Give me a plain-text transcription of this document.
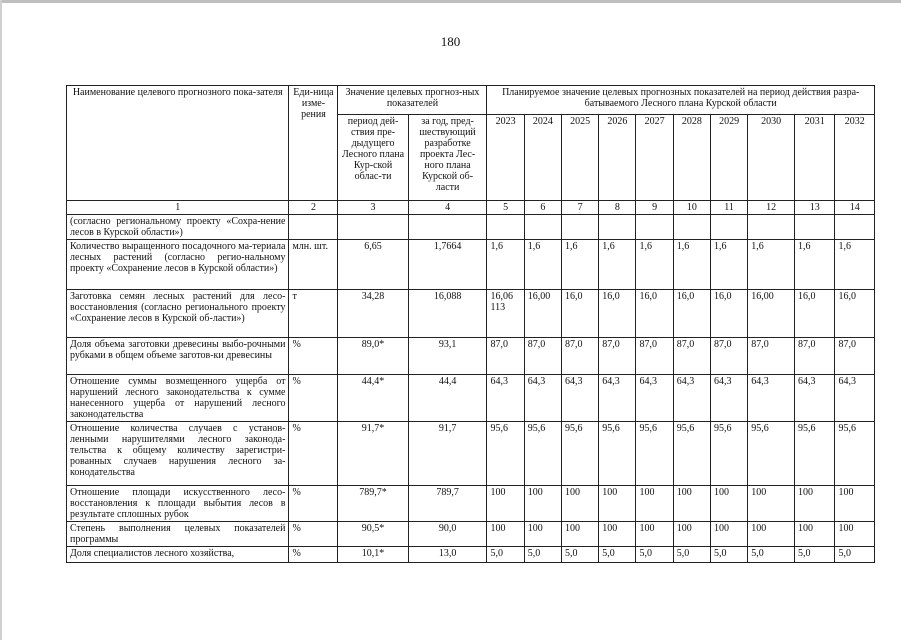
180
Наименование целевого прогнозного пока-зателя	Еди-ница изме-рения	Значение целевых прогноз-ных показателей		Планируемое значение целевых прогнозных показателей на период действия разра-батываемого Лесного плана Курской области									
		период дей-ствия пре-дыдущего Лесного плана Кур-ской облас-ти	за год, пред-шествующий разработке проекта Лес-ного плана Курской об-ласти	2023	2024	2025	2026	2027	2028	2029	2030	2031	2032
1	2	3	4	5	6	7	8	9	10	11	12	13	14
(согласно региональному проекту «Сохра-нение лесов в Курской области»)													
Количество выращенного посадочного ма-териала лесных растений (согласно регио-нальному проекту «Сохранение лесов в Курской области»)	млн. шт.	6,65	1,7664	1,6	1,6	1,6	1,6	1,6	1,6	1,6	1,6	1,6	1,6
Заготовка семян лесных растений для лесо-восстановления (согласно регионального проекту «Сохранение лесов в Курской об-ласти»)	т	34,28	16,088	16,06 113	16,00	16,0	16,0	16,0	16,0	16,0	16,00	16,0	16,0
Доля объема заготовки древесины выбо-рочными рубками в общем объеме заготов-ки древесины	%	89,0*	93,1	87,0	87,0	87,0	87,0	87,0	87,0	87,0	87,0	87,0	87,0
Отношение суммы возмещенного ущерба от нарушений лесного законодательства к сумме нанесенного ущерба от нарушений лесного законодательства	%	44,4*	44,4	64,3	64,3	64,3	64,3	64,3	64,3	64,3	64,3	64,3	64,3
Отношение количества случаев с установ-ленными нарушителями лесного законода-тельства к общему количеству зарегистри-рованных случаев нарушения лесного за-конодательства	%	91,7*	91,7	95,6	95,6	95,6	95,6	95,6	95,6	95,6	95,6	95,6	95,6
Отношение площади искусственного лесо-восстановления к площади выбытия лесов в результате сплошных рубок	%	789,7*	789,7	100	100	100	100	100	100	100	100	100	100
Степень выполнения целевых показателей программы	%	90,5*	90,0	100	100	100	100	100	100	100	100	100	100
Доля специалистов лесного хозяйства,	%	10,1*	13,0	5,0	5,0	5,0	5,0	5,0	5,0	5,0	5,0	5,0	5,0
